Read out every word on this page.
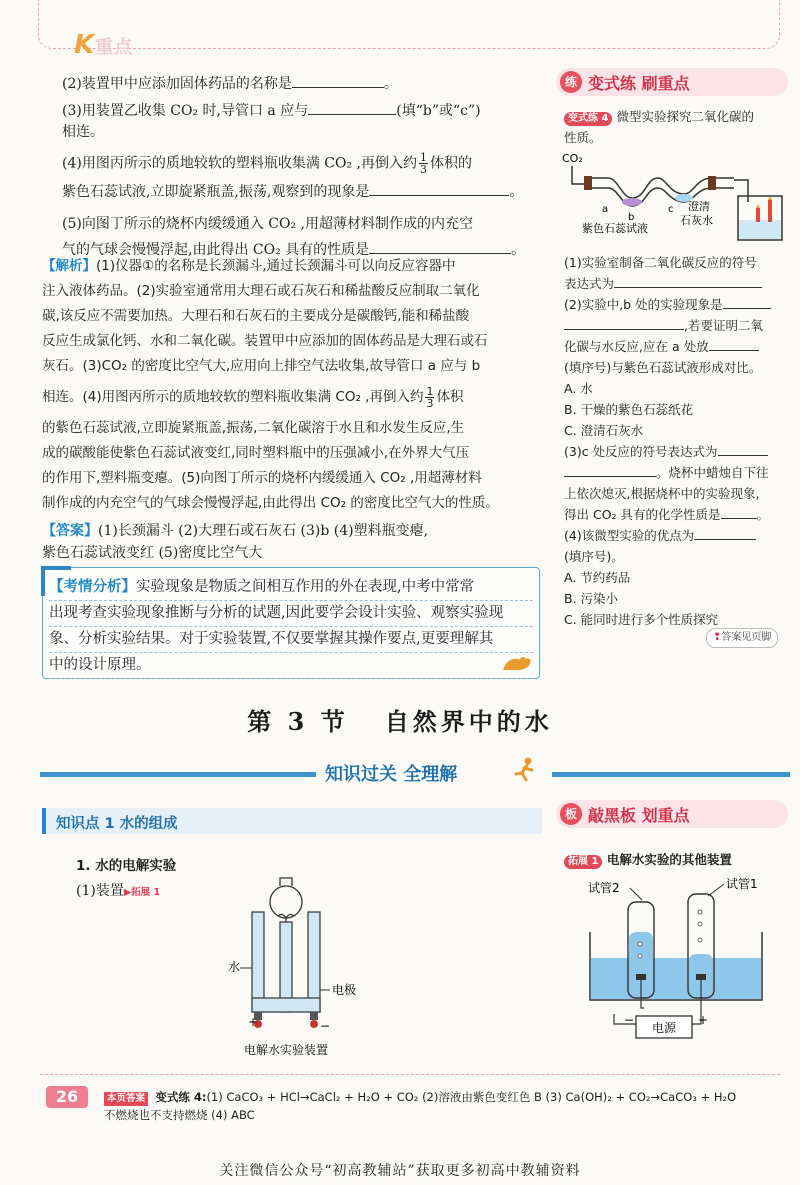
K重点

(2)装置甲中应添加固体药品的名称是	。

(3)用装置乙收集 CO₂ 时,导管口 a 应与	(填“b”或“c”)

相连。

(4)用图丙所示的质地较软的塑料瓶收集满 CO₂ ,再倒入约 $\frac{1}{3}$ 体积的

紫色石蕊试液,立即旋紧瓶盖,振荡,观察到的现象是	。

(5)向图丁所示的烧杯内缓缓通入 CO₂ ,用超薄材料制作成的内充空

气的气球会慢慢浮起,由此得出 CO₂ 具有的性质是	。

【解析】(1)仪器①的名称是长颈漏斗,通过长颈漏斗可以向反应容器中
注入液体药品。(2)实验室通常用大理石或石灰石和稀盐酸反应制取二氧化
碳,该反应不需要加热。大理石和石灰石的主要成分是碳酸钙,能和稀盐酸
反应生成氯化钙、水和二氧化碳。装置甲中应添加的固体药品是大理石或石
灰石。(3)CO₂ 的密度比空气大,应用向上排空气法收集,故导管口 a 应与 b
相连。(4)用图丙所示的质地较软的塑料瓶收集满 CO₂ ,再倒入约 $\frac{1}{3}$ 体积
的紫色石蕊试液,立即旋紧瓶盖,振荡,二氧化碳溶于水且和水发生反应,生
成的碳酸能使紫色石蕊试液变红,同时塑料瓶中的压强减小,在外界大气压
的作用下,塑料瓶变瘪。(5)向图丁所示的烧杯内缓缓通入 CO₂ ,用超薄材料
制作成的内充空气的气球会慢慢浮起,由此得出 CO₂ 的密度比空气大的性质。
【答案】(1)长颈漏斗 (2)大理石或石灰石 (3)b (4)塑料瓶变瘪,
紫色石蕊试液变红 (5)密度比空气大
【考情分析】实验现象是物质之间相互作用的外在表现,中考中常常
出现考查实验现象推断与分析的试题,因此要学会设计实验、观察实验现
象、分析实验结果。对于实验装置,不仅要掌握其操作要点,更要理解其
中的设计原理。
练 变式练 刷重点

变式练 4 微型实验探究二氧化碳的

性质。

CO₂
a
b
c
紫色石蕊试液
澄清
石灰水

(1)实验室制备二氧化碳反应的符号

表达式为

(2)实验中,b 处的实验现象是

,若要证明二氧

化碳与水反应,应在 a 处放

(填序号)与紫色石蕊试液形成对比。

A. 水

B. 干燥的紫色石蕊纸花

C. 澄清石灰水

(3)c 处反应的符号表达式为

。烧杯中蜡烛自下往

上依次熄灭,根据烧杯中的实验现象,

得出 CO₂ 具有的化学性质是	。

(4)该微型实验的优点为

(填序号)。

A. 节约药品

B. 污染小

C. 能同时进行多个性质探究

❢答案见页脚
第 3 节 自然界中的水
知识过关 全理解
知识点 1 水的组成
1. 水的电解实验
(1)装置▶拓展 1
水
电极
+	−
电解水实验装置
板 敲黑板 划重点
拓展 1 电解水实验的其他装置
试管2	试管1
电源
−	+
26	本页答案 变式练 4:(1) CaCO₃ + HCl→CaCl₂ + H₂O + CO₂ (2)溶液由紫色变红色 B (3) Ca(OH)₂ + CO₂→CaCO₃ + H₂O
不燃烧也不支持燃烧 (4) ABC
关注微信公众号“初高教辅站”获取更多初高中教辅资料
